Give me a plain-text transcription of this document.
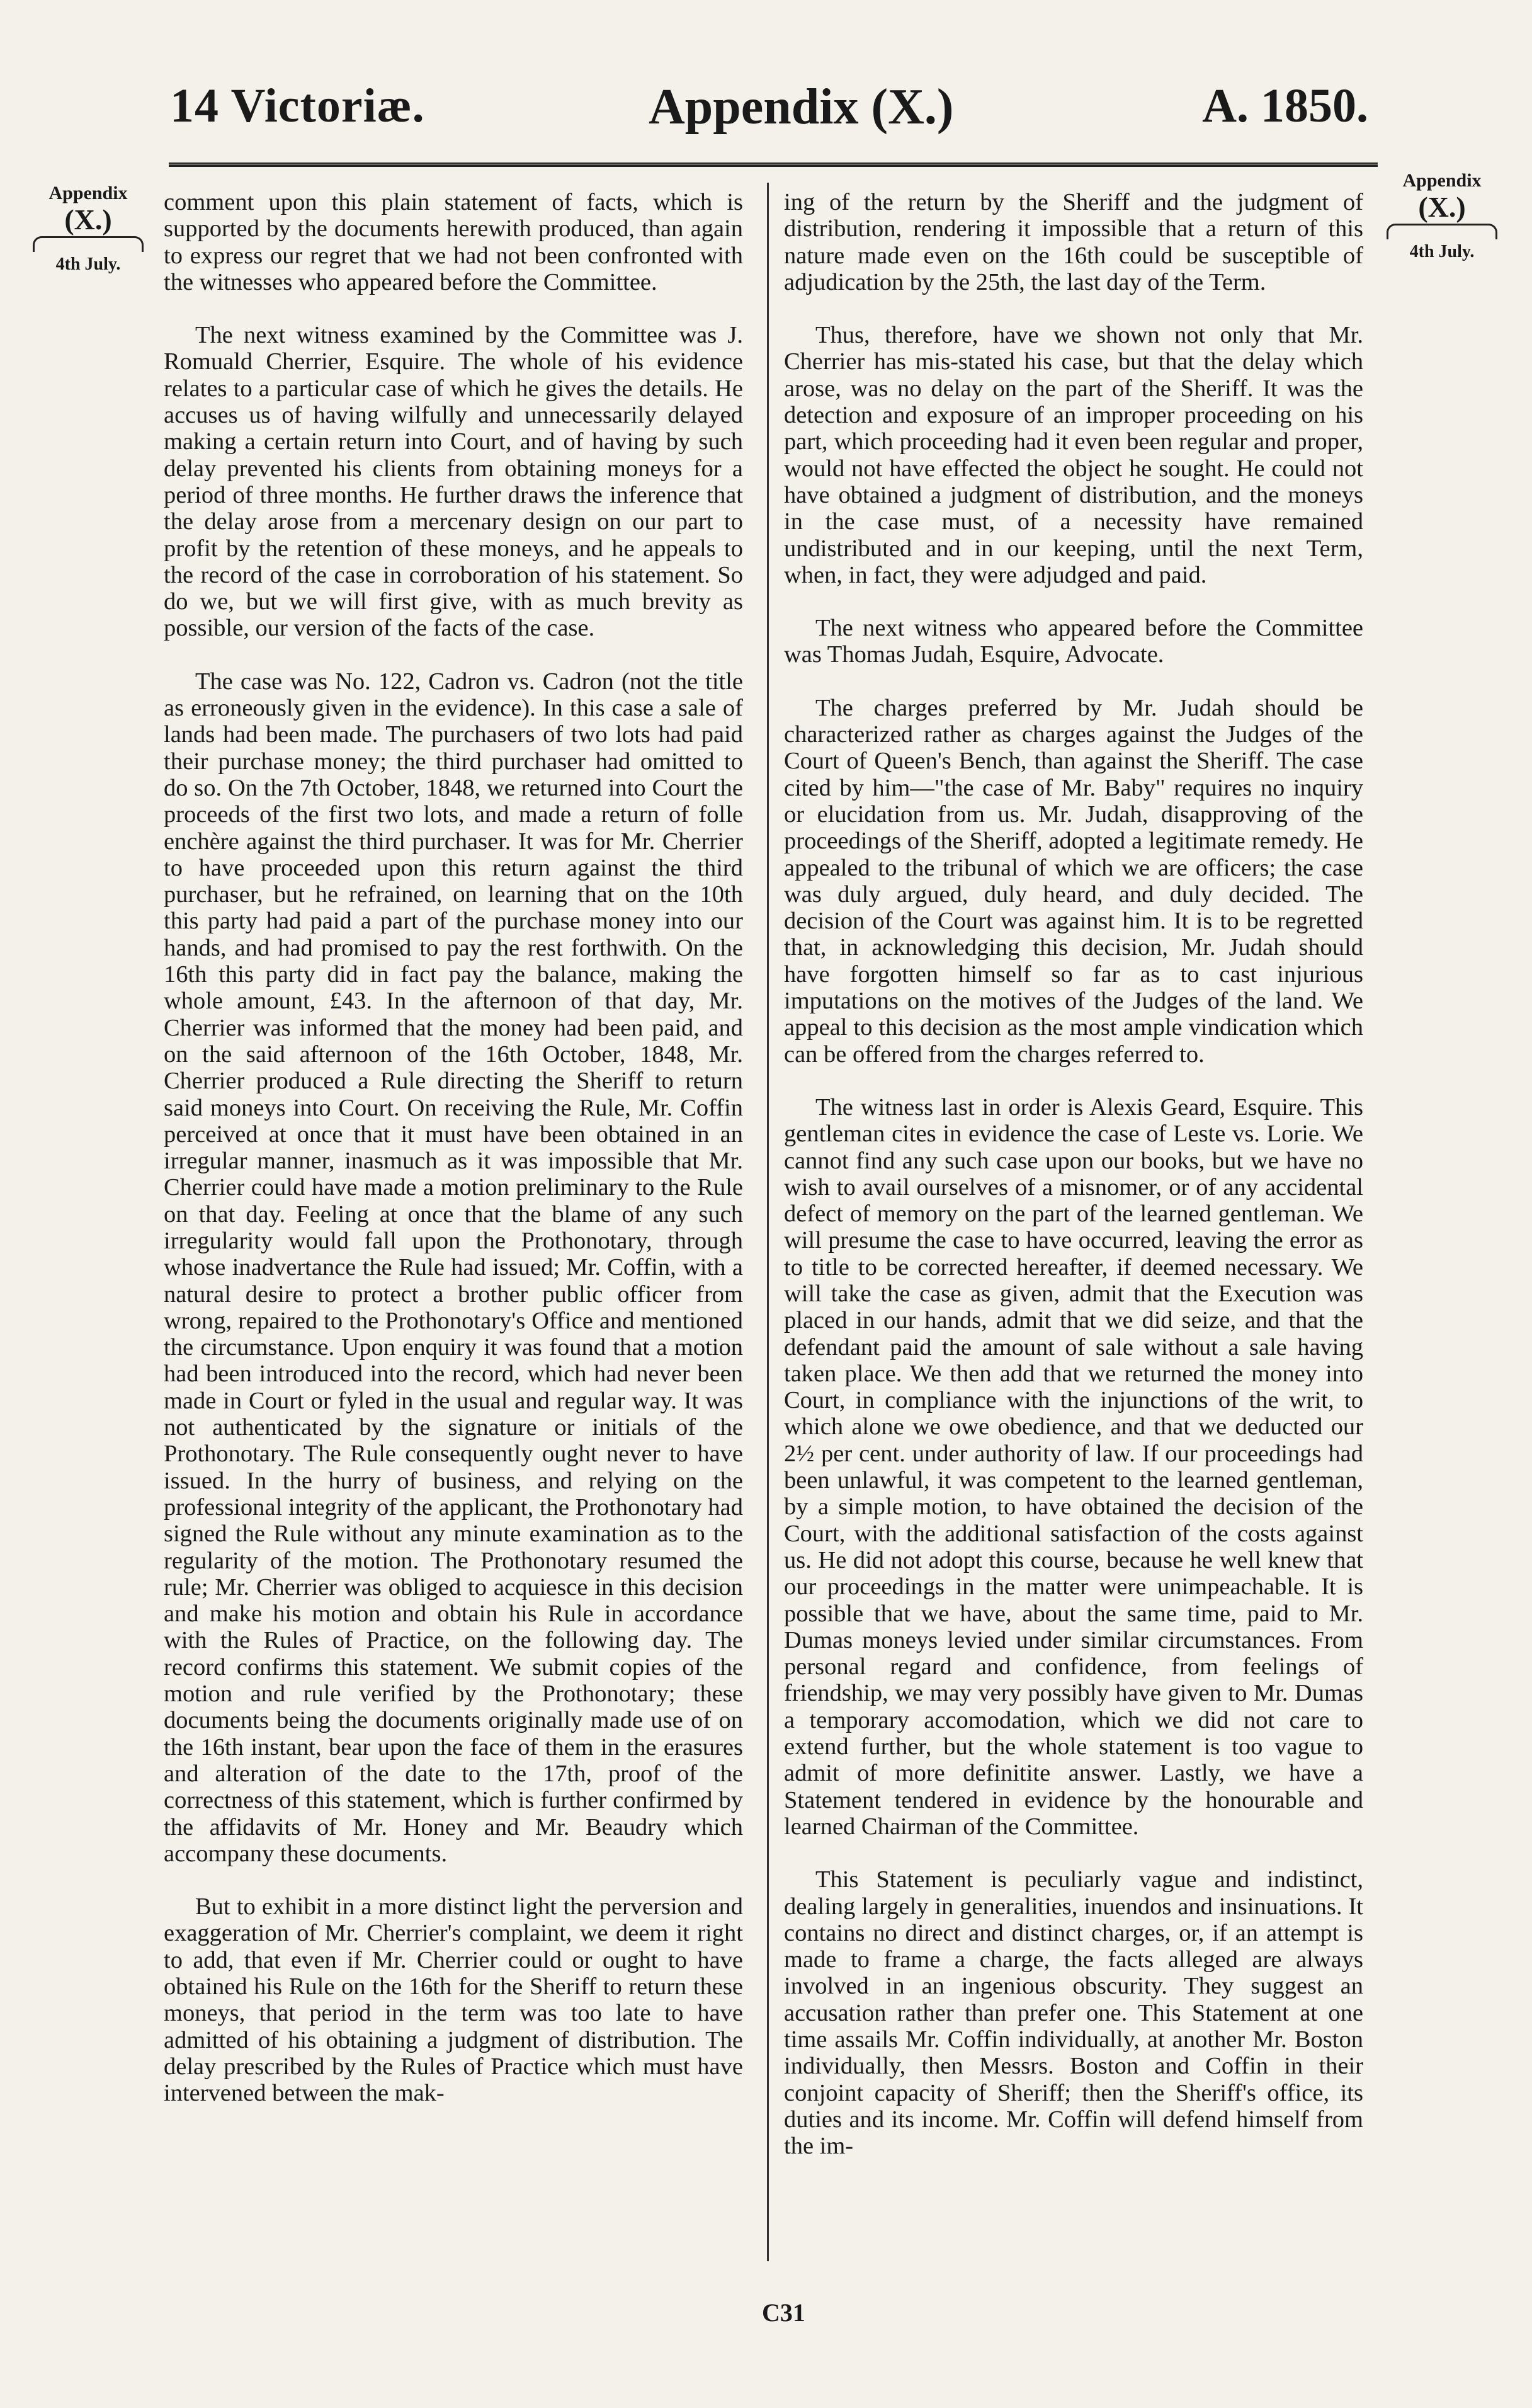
14 Victoriæ.	Appendix (X.)	A. 1850.
Appendix
(X.)
4th July.
Appendix
(X.)
4th July.

comment upon this plain statement of facts, which is supported by the documents herewith produced, than again to express our regret that we had not been confronted with the witnesses who appeared before the Committee.

The next witness examined by the Committee was J. Romuald Cherrier, Esquire. The whole of his evidence relates to a particular case of which he gives the details. He accuses us of having wilfully and unnecessarily delayed making a certain return into Court, and of having by such delay prevented his clients from obtaining moneys for a period of three months. He further draws the inference that the delay arose from a mercenary design on our part to profit by the retention of these moneys, and he appeals to the record of the case in corroboration of his statement. So do we, but we will first give, with as much brevity as possible, our version of the facts of the case.

The case was No. 122, Cadron vs. Cadron (not the title as erroneously given in the evidence). In this case a sale of lands had been made. The purchasers of two lots had paid their purchase money; the third purchaser had omitted to do so. On the 7th October, 1848, we returned into Court the proceeds of the first two lots, and made a return of folle enchère against the third purchaser. It was for Mr. Cherrier to have proceeded upon this return against the third purchaser, but he refrained, on learning that on the 10th this party had paid a part of the purchase money into our hands, and had promised to pay the rest forthwith. On the 16th this party did in fact pay the balance, making the whole amount, £43. In the afternoon of that day, Mr. Cherrier was informed that the money had been paid, and on the said afternoon of the 16th October, 1848, Mr. Cherrier produced a Rule directing the Sheriff to return said moneys into Court. On receiving the Rule, Mr. Coffin perceived at once that it must have been obtained in an irregular manner, inasmuch as it was impossible that Mr. Cherrier could have made a motion preliminary to the Rule on that day. Feeling at once that the blame of any such irregularity would fall upon the Prothonotary, through whose inadvertance the Rule had issued; Mr. Coffin, with a natural desire to protect a brother public officer from wrong, repaired to the Prothonotary's Office and mentioned the circumstance. Upon enquiry it was found that a motion had been introduced into the record, which had never been made in Court or fyled in the usual and regular way. It was not authenticated by the signature or initials of the Prothonotary. The Rule consequently ought never to have issued. In the hurry of business, and relying on the professional integrity of the applicant, the Prothonotary had signed the Rule without any minute examination as to the regularity of the motion. The Prothonotary resumed the rule; Mr. Cherrier was obliged to acquiesce in this decision and make his motion and obtain his Rule in accordance with the Rules of Practice, on the following day. The record confirms this statement. We submit copies of the motion and rule verified by the Prothonotary; these documents being the documents originally made use of on the 16th instant, bear upon the face of them in the erasures and alteration of the date to the 17th, proof of the correctness of this statement, which is further confirmed by the affidavits of Mr. Honey and Mr. Beaudry which accompany these documents.

But to exhibit in a more distinct light the perversion and exaggeration of Mr. Cherrier's complaint, we deem it right to add, that even if Mr. Cherrier could or ought to have obtained his Rule on the 16th for the Sheriff to return these moneys, that period in the term was too late to have admitted of his obtaining a judgment of distribution. The delay prescribed by the Rules of Practice which must have intervened between the mak-

ing of the return by the Sheriff and the judgment of distribution, rendering it impossible that a return of this nature made even on the 16th could be susceptible of adjudication by the 25th, the last day of the Term.

Thus, therefore, have we shown not only that Mr. Cherrier has mis-stated his case, but that the delay which arose, was no delay on the part of the Sheriff. It was the detection and exposure of an improper proceeding on his part, which proceeding had it even been regular and proper, would not have effected the object he sought. He could not have obtained a judgment of distribution, and the moneys in the case must, of a necessity have remained undistributed and in our keeping, until the next Term, when, in fact, they were adjudged and paid.

The next witness who appeared before the Committee was Thomas Judah, Esquire, Advocate.

The charges preferred by Mr. Judah should be characterized rather as charges against the Judges of the Court of Queen's Bench, than against the Sheriff. The case cited by him—"the case of Mr. Baby" requires no inquiry or elucidation from us. Mr. Judah, disapproving of the proceedings of the Sheriff, adopted a legitimate remedy. He appealed to the tribunal of which we are officers; the case was duly argued, duly heard, and duly decided. The decision of the Court was against him. It is to be regretted that, in acknowledging this decision, Mr. Judah should have forgotten himself so far as to cast injurious imputations on the motives of the Judges of the land. We appeal to this decision as the most ample vindication which can be offered from the charges referred to.

The witness last in order is Alexis Geard, Esquire. This gentleman cites in evidence the case of Leste vs. Lorie. We cannot find any such case upon our books, but we have no wish to avail ourselves of a misnomer, or of any accidental defect of memory on the part of the learned gentleman. We will presume the case to have occurred, leaving the error as to title to be corrected hereafter, if deemed necessary. We will take the case as given, admit that the Execution was placed in our hands, admit that we did seize, and that the defendant paid the amount of sale without a sale having taken place. We then add that we returned the money into Court, in compliance with the injunctions of the writ, to which alone we owe obedience, and that we deducted our 2½ per cent. under authority of law. If our proceedings had been unlawful, it was competent to the learned gentleman, by a simple motion, to have obtained the decision of the Court, with the additional satisfaction of the costs against us. He did not adopt this course, because he well knew that our proceedings in the matter were unimpeachable. It is possible that we have, about the same time, paid to Mr. Dumas moneys levied under similar circumstances. From personal regard and confidence, from feelings of friendship, we may very possibly have given to Mr. Dumas a temporary accomodation, which we did not care to extend further, but the whole statement is too vague to admit of more definitite answer. Lastly, we have a Statement tendered in evidence by the honourable and learned Chairman of the Committee.

This Statement is peculiarly vague and indistinct, dealing largely in generalities, inuendos and insinuations. It contains no direct and distinct charges, or, if an attempt is made to frame a charge, the facts alleged are always involved in an ingenious obscurity. They suggest an accusation rather than prefer one. This Statement at one time assails Mr. Coffin individually, at another Mr. Boston individually, then Messrs. Boston and Coffin in their conjoint capacity of Sheriff; then the Sheriff's office, its duties and its income. Mr. Coffin will defend himself from the im-

C31
